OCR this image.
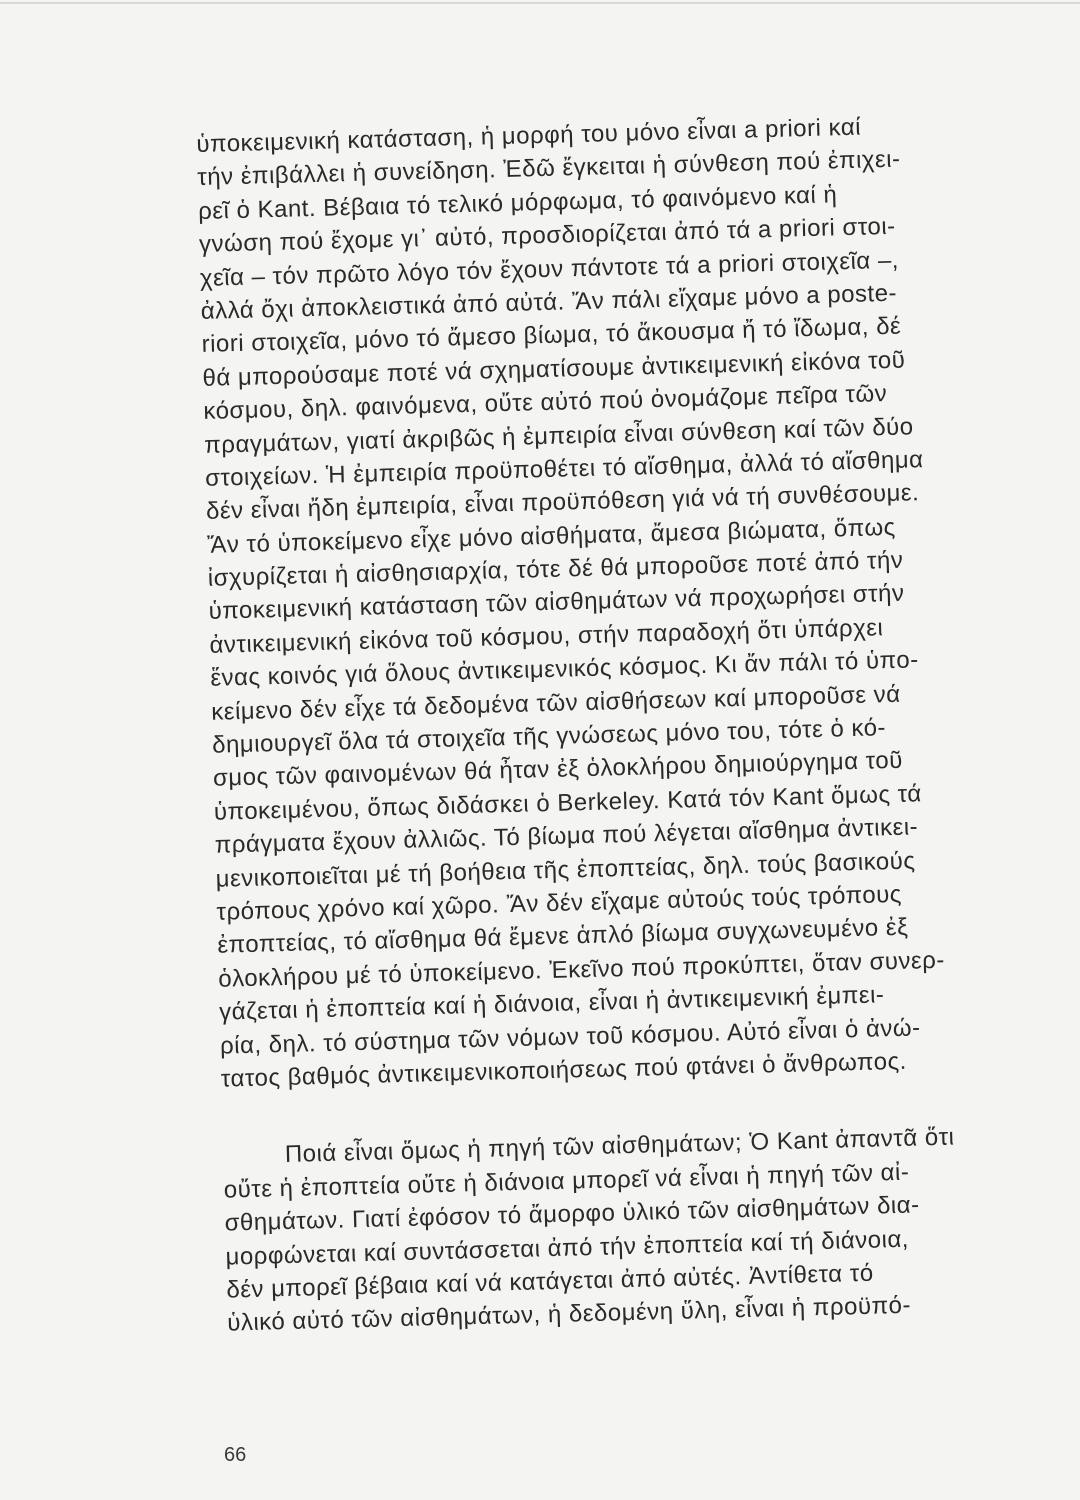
ὑποκειμενική κατάσταση, ἡ μορφή του μόνο εἶναι a priori καί
τήν ἐπιβάλλει ἡ συνείδηση. Ἐδῶ ἔγκειται ἡ σύνθεση πού ἐπιχει-
ρεῖ ὁ Kant. Βέβαια τό τελικό μόρφωμα, τό φαινόμενο καί ἡ
γνώση πού ἔχομε γι᾿ αὐτό, προσδιορίζεται ἀπό τά a priori στοι-
χεῖα – τόν πρῶτο λόγο τόν ἔχουν πάντοτε τά a priori στοιχεῖα –,
ἀλλά ὄχι ἀποκλειστικά ἀπό αὐτά. Ἄν πάλι εἴχαμε μόνο a poste-
riori στοιχεῖα, μόνο τό ἄμεσο βίωμα, τό ἄκουσμα ἤ τό ἴδωμα, δέ
θά μπορούσαμε ποτέ νά σχηματίσουμε ἀντικειμενική εἰκόνα τοῦ
κόσμου, δηλ. φαινόμενα, οὔτε αὐτό πού ὀνομάζομε πεῖρα τῶν
πραγμάτων, γιατί ἀκριβῶς ἡ ἐμπειρία εἶναι σύνθεση καί τῶν δύο
στοιχείων. Ἡ ἐμπειρία προϋποθέτει τό αἴσθημα, ἀλλά τό αἴσθημα
δέν εἶναι ἤδη ἐμπειρία, εἶναι προϋπόθεση γιά νά τή συνθέσουμε.
Ἄν τό ὑποκείμενο εἶχε μόνο αἰσθήματα, ἄμεσα βιώματα, ὅπως
ἰσχυρίζεται ἡ αἰσθησιαρχία, τότε δέ θά μποροῦσε ποτέ ἀπό τήν
ὑποκειμενική κατάσταση τῶν αἰσθημάτων νά προχωρήσει στήν
ἀντικειμενική εἰκόνα τοῦ κόσμου, στήν παραδοχή ὅτι ὑπάρχει
ἕνας κοινός γιά ὅλους ἀντικειμενικός κόσμος. Κι ἄν πάλι τό ὑπο-
κείμενο δέν εἶχε τά δεδομένα τῶν αἰσθήσεων καί μποροῦσε νά
δημιουργεῖ ὅλα τά στοιχεῖα τῆς γνώσεως μόνο του, τότε ὁ κό-
σμος τῶν φαινομένων θά ἦταν ἐξ ὁλοκλήρου δημιούργημα τοῦ
ὑποκειμένου, ὅπως διδάσκει ὁ Berkeley. Κατά τόν Kant ὅμως τά
πράγματα ἔχουν ἀλλιῶς. Τό βίωμα πού λέγεται αἴσθημα ἀντικει-
μενικοποιεῖται μέ τή βοήθεια τῆς ἐποπτείας, δηλ. τούς βασικούς
τρόπους χρόνο καί χῶρο. Ἄν δέν εἴχαμε αὐτούς τούς τρόπους
ἐποπτείας, τό αἴσθημα θά ἔμενε ἁπλό βίωμα συγχωνευμένο ἐξ
ὁλοκλήρου μέ τό ὑποκείμενο. Ἐκεῖνο πού προκύπτει, ὅταν συνερ-
γάζεται ἡ ἐποπτεία καί ἡ διάνοια, εἶναι ἡ ἀντικειμενική ἐμπει-
ρία, δηλ. τό σύστημα τῶν νόμων τοῦ κόσμου. Αὐτό εἶναι ὁ ἀνώ-
τατος βαθμός ἀντικειμενικοποιήσεως πού φτάνει ὁ ἄνθρωπος.
Ποιά εἶναι ὅμως ἡ πηγή τῶν αἰσθημάτων; Ὁ Kant ἀπαντᾶ ὅτι
οὔτε ἡ ἐποπτεία οὔτε ἡ διάνοια μπορεῖ νά εἶναι ἡ πηγή τῶν αἰ-
σθημάτων. Γιατί ἐφόσον τό ἄμορφο ὑλικό τῶν αἰσθημάτων δια-
μορφώνεται καί συντάσσεται ἀπό τήν ἐποπτεία καί τή διάνοια,
δέν μπορεῖ βέβαια καί νά κατάγεται ἀπό αὐτές. Ἀντίθετα τό
ὑλικό αὐτό τῶν αἰσθημάτων, ἡ δεδομένη ὕλη, εἶναι ἡ προϋπό-
66
